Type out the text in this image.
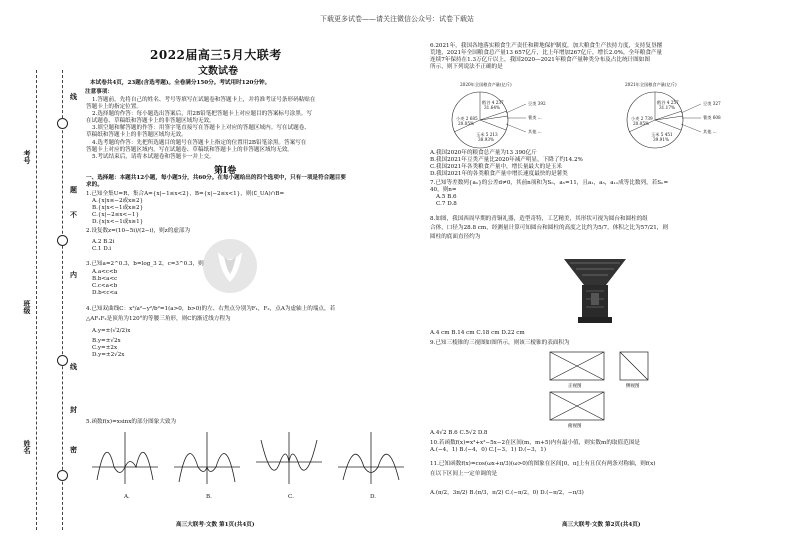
下载更多试卷——请关注微信公众号：试卷下载站
线
考号
题
不
内
班级
线
封
姓名	密
2022届高三5月大联考
文数试卷
本试卷共4页，23题(含选考题)。全卷满分150分。考试用时120分钟。
注意事项：
1.答题前，先将自己的姓名、考号等填写在试题卷和答题卡上，并将准考证号条形码粘贴在
答题卡上的指定位置。
2.选择题的作答：每小题选出答案后，用2B铅笔把答题卡上对应题目的答案标号涂黑。写
在试题卷、草稿纸和答题卡上的非答题区域均无效。
3.填空题和解答题的作答：用签字笔直接写在答题卡上对应的答题区域内。写在试题卷、
草稿纸和答题卡上的非答题区域均无效。
4.选考题的作答：先把所选题目的题号在答题卡上指定的位置用2B铅笔涂黑。答案写在
答题卡上对应的答题区域内，写在试题卷、草稿纸和答题卡上的非答题区域均无效。
5.考试结束后，请将本试题卷和答题卡一并上交。
第Ⅰ卷
一、选择题：本题共12小题，每小题5分，共60分。在每小题给出的四个选项中，只有一项是符合题目要
求的。
1.已知全集U=R，集合A={x|−1≤x<2}，B={x|−2≤x<1}，则(∁_UA)∩B=
A.{x|x≤−2或x≥2}
B.{x|x<−1或x≥2}
C.{x|−2≤x<−1}
D.{x|x<−1或x≥1}
2.设复数z=(10−5i)/(2−i)，则z的虚部为
A.2 B.2i
C.1 D.i
3.已知a=2^0.3，b=log_3 2，c=3^0.3，则
A.a<c<b
B.b<a<c
C.c<a<b
D.b<c<a
4.已知双曲线C：x²/a²−y²/b²=1(a>0，b>0)的左、右焦点分别为F₁，F₂，点A为虚轴上的端点，若
△AF₁F₂是顶角为120°的等腰三角形，则C的渐近线方程为
A.y=±(√2/2)x
B.y=±√2x
C.y=±2x
D.y=±2√2x
5.函数f(x)=xsinx的部分图象大致为
A.	B.	C.	D.
高三大联考·文数 第1页(共4页)
6.2021年，我国各地落实粮食生产责任和耕地保护制度，加大粮食生产扶持力度，支持复垦撂
荒地，2021年全国粮食总产量13 657亿斤，比上年增加267亿斤，增长2.0%，全年粮食产量
连续7年保持在1.3万亿斤以上，我国2020—2021年粮食产量种类分布及占比统计图如图
所示，则下列说法不正确的是
2020年全国粮食产量(亿斤)
稻谷 4 237
31.64%
小麦 2 685
20.05%
玉米 5 213
38.93%
豆类 392
薯类 ...
其他 ...
2021年全国粮食产量(亿斤)
稻谷 4 257
31.17%
小麦 2 739
20.05%
玉米 5 451
39.91%
豆类 327
薯类 608
其他 ...
A.我国2020年的粮食总产量为13 390亿斤
B.我国2021年豆类产量比2020年减产明显，下降了约14.2%
C.我国2021年各类粮食产量中，增长量最大的是玉米
D.我国2021年的各类粮食产量中增长速度最快的是薯类
7.已知等差数列{aₙ}的公差d≠0，其前n项和为Sₙ，a₅=11，且a₁，a₃，a₁₁成等比数列，若Sₙ=
40，则n=
A.5 B.6
C.7 D.8
8.如图，我国西周早期的青铜礼器，造型奇特，工艺精美，其形状可视为圆台和圆柱的组
合体，口径为28.8 cm，经测量计算可知圆台和圆柱的高度之比约为5/7，体积之比为57/21，则
圆柱的底面直径约为
A.4 cm B.14 cm C.18 cm D.22 cm
9.已知三棱锥的三视图如图所示，则该三棱锥的表面积为
正视图	侧视图
俯视图
A.4√2 B.6 C.5√2 D.8
10.若函数f(x)=x³+x²−5x−2在区间(m，m+5)内有最小值，则实数m的取值范围是
A.(−4，1) B.(−4，0) C.[−3，1) D.(−3，1)
11.已知函数f(x)=cos(ωx+π/3)(ω>0)的图象在区间[0，π]上有且仅有两条对称轴，则f(x)
在以下区间上一定单调的是
A.(π/2，3π/2) B.(π/3，π/2) C.(−π/2，0) D.(−π/2，−π/3)
高三大联考·文数 第2页(共4页)
